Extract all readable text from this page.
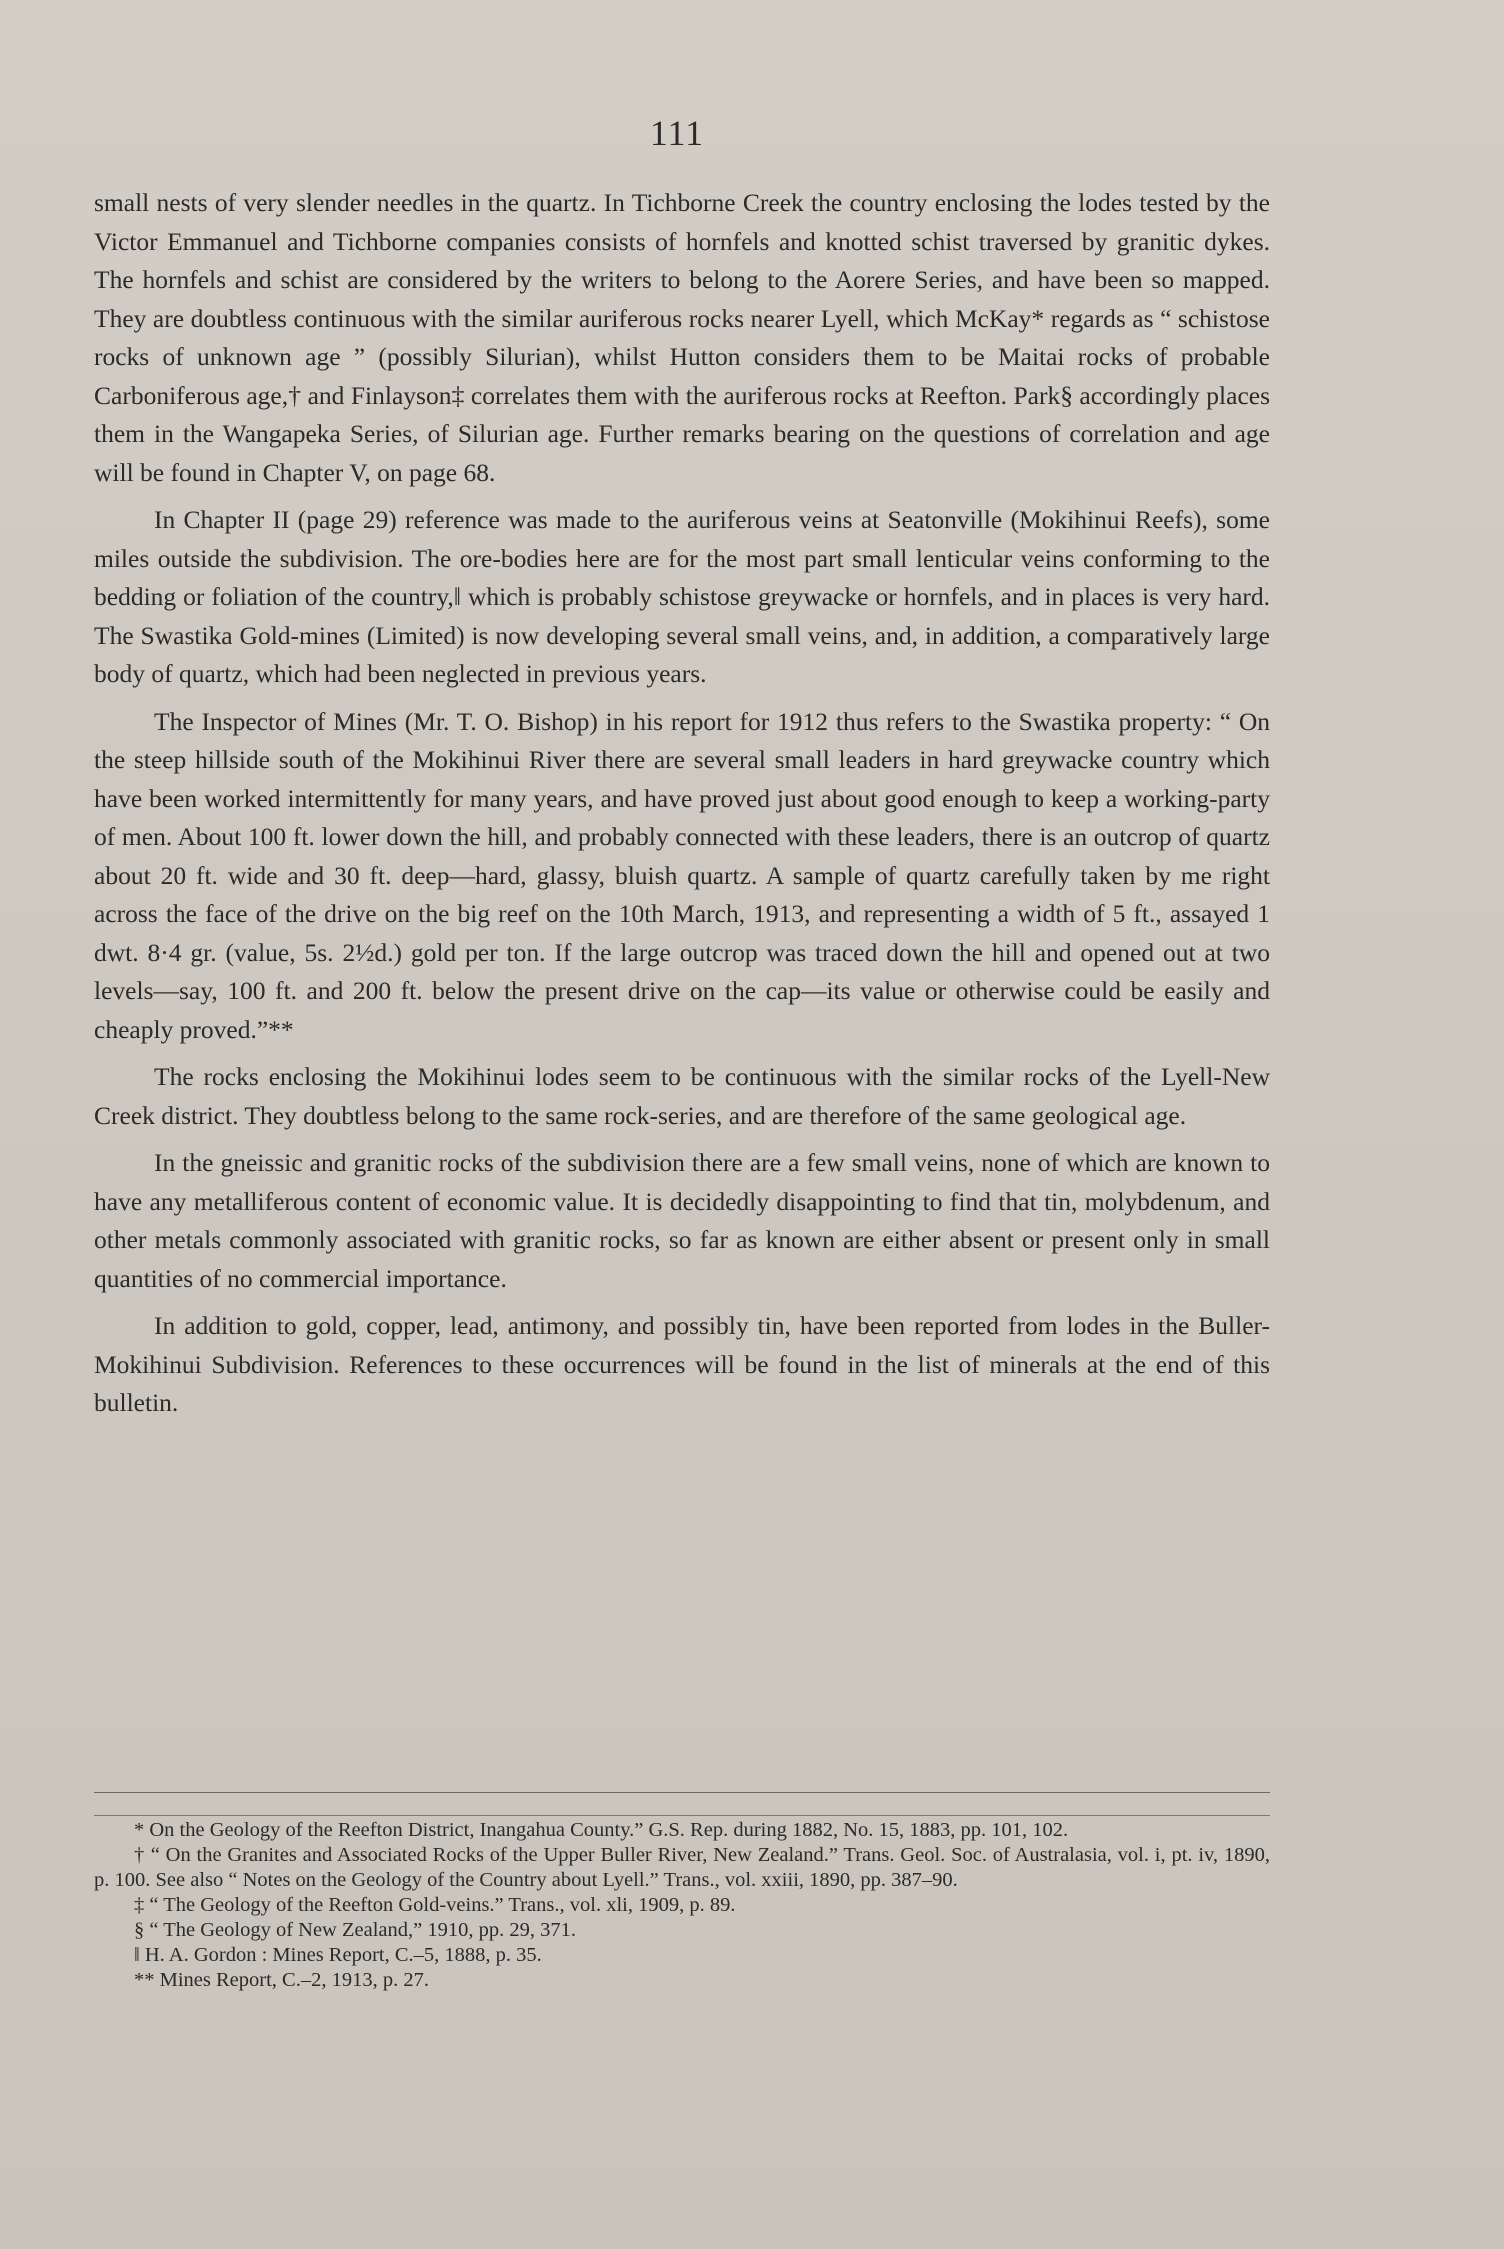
111

small nests of very slender needles in the quartz. In Tichborne Creek the country enclosing the lodes tested by the Victor Emmanuel and Tichborne companies consists of hornfels and knotted schist traversed by granitic dykes. The hornfels and schist are considered by the writers to belong to the Aorere Series, and have been so mapped. They are doubtless continuous with the similar auriferous rocks nearer Lyell, which McKay* regards as “ schistose rocks of unknown age ” (possibly Silurian), whilst Hutton considers them to be Maitai rocks of probable Carboniferous age,† and Finlayson‡ correlates them with the auriferous rocks at Reefton. Park§ accordingly places them in the Wangapeka Series, of Silurian age. Further remarks bearing on the questions of correlation and age will be found in Chapter V, on page 68.

In Chapter II (page 29) reference was made to the auriferous veins at Seatonville (Mokihinui Reefs), some miles outside the subdivision. The ore-bodies here are for the most part small lenticular veins conforming to the bedding or foliation of the country,‖ which is probably schistose greywacke or hornfels, and in places is very hard. The Swastika Gold-mines (Limited) is now developing several small veins, and, in addition, a comparatively large body of quartz, which had been neglected in previous years.

The Inspector of Mines (Mr. T. O. Bishop) in his report for 1912 thus refers to the Swastika property: “ On the steep hillside south of the Mokihinui River there are several small leaders in hard greywacke country which have been worked intermittently for many years, and have proved just about good enough to keep a working-party of men. About 100 ft. lower down the hill, and probably connected with these leaders, there is an outcrop of quartz about 20 ft. wide and 30 ft. deep—hard, glassy, bluish quartz. A sample of quartz carefully taken by me right across the face of the drive on the big reef on the 10th March, 1913, and representing a width of 5 ft., assayed 1 dwt. 8·4 gr. (value, 5s. 2½d.) gold per ton. If the large outcrop was traced down the hill and opened out at two levels—say, 100 ft. and 200 ft. below the present drive on the cap—its value or otherwise could be easily and cheaply proved.”**

The rocks enclosing the Mokihinui lodes seem to be continuous with the similar rocks of the Lyell-New Creek district. They doubtless belong to the same rock-series, and are therefore of the same geological age.

In the gneissic and granitic rocks of the subdivision there are a few small veins, none of which are known to have any metalliferous content of economic value. It is decidedly disappointing to find that tin, molybdenum, and other metals commonly associated with granitic rocks, so far as known are either absent or present only in small quantities of no commercial importance.

In addition to gold, copper, lead, antimony, and possibly tin, have been reported from lodes in the Buller-Mokihinui Subdivision. References to these occurrences will be found in the list of minerals at the end of this bulletin.

* On the Geology of the Reefton District, Inangahua County.” G.S. Rep. during 1882, No. 15, 1883, pp. 101, 102.

† “ On the Granites and Associated Rocks of the Upper Buller River, New Zealand.” Trans. Geol. Soc. of Australasia, vol. i, pt. iv, 1890, p. 100. See also “ Notes on the Geology of the Country about Lyell.” Trans., vol. xxiii, 1890, pp. 387–90.

‡ “ The Geology of the Reefton Gold-veins.” Trans., vol. xli, 1909, p. 89.

§ “ The Geology of New Zealand,” 1910, pp. 29, 371.

‖ H. A. Gordon : Mines Report, C.–5, 1888, p. 35.

** Mines Report, C.–2, 1913, p. 27.
